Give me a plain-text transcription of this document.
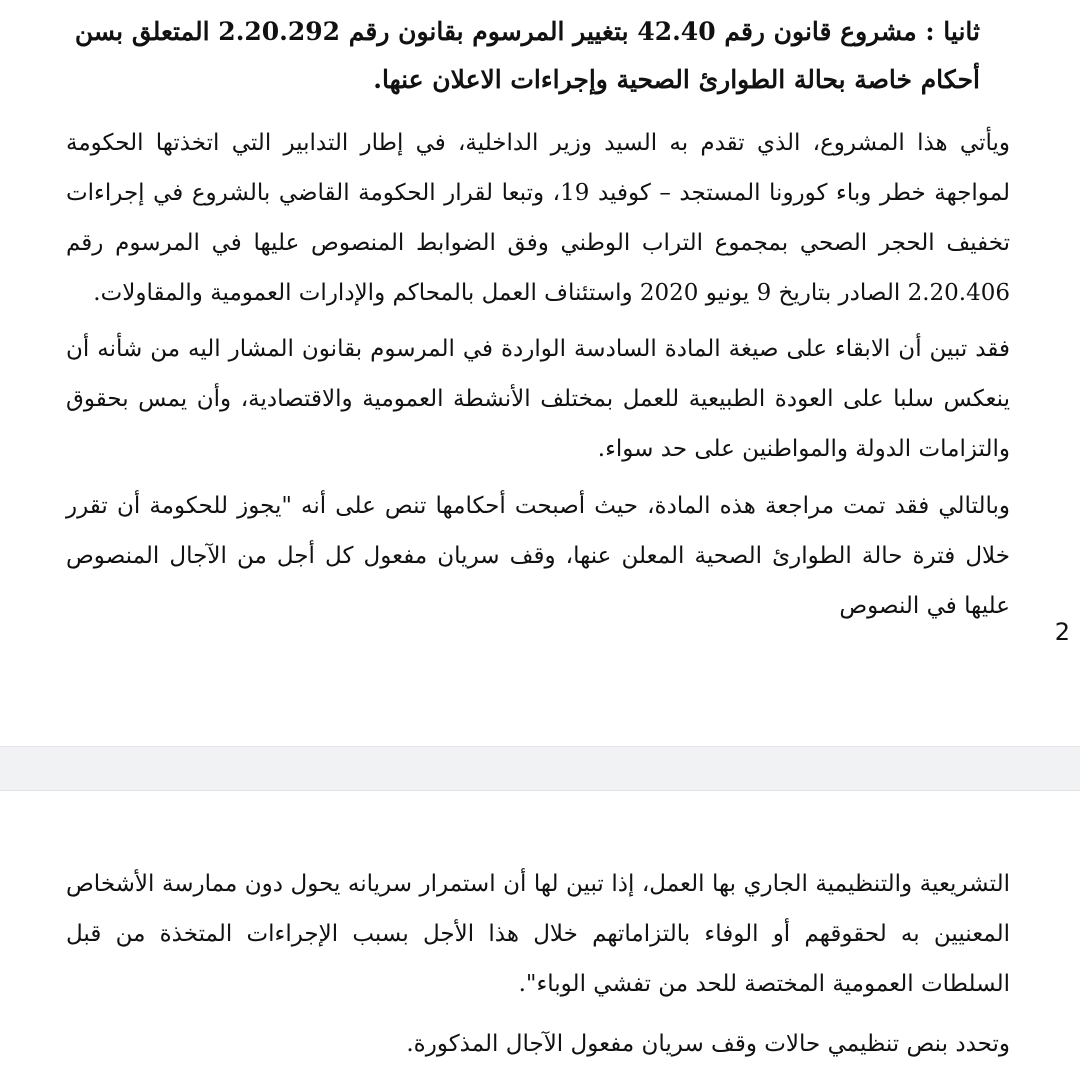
ثانيا : مشروع قانون رقم 42.40 بتغيير المرسوم بقانون رقم 2.20.292 المتعلق بسن أحكام خاصة بحالة الطوارئ الصحية وإجراءات الاعلان عنها.

ويأتي هذا المشروع، الذي تقدم به السيد وزير الداخلية، في إطار التدابير التي اتخذتها الحكومة لمواجهة خطر وباء كورونا المستجد – كوفيد 19، وتبعا لقرار الحكومة القاضي بالشروع في إجراءات تخفيف الحجر الصحي بمجموع التراب الوطني وفق الضوابط المنصوص عليها في المرسوم رقم 2.20.406 الصادر بتاريخ 9 يونيو 2020 واستئناف العمل بالمحاكم والإدارات العمومية والمقاولات.

فقد تبين أن الابقاء على صيغة المادة السادسة الواردة في المرسوم بقانون المشار اليه من شأنه أن ينعكس سلبا على العودة الطبيعية للعمل بمختلف الأنشطة العمومية والاقتصادية، وأن يمس بحقوق والتزامات الدولة والمواطنين على حد سواء.

وبالتالي فقد تمت مراجعة هذه المادة، حيث أصبحت أحكامها تنص على أنه "يجوز للحكومة أن تقرر خلال فترة حالة الطوارئ الصحية المعلن عنها، وقف سريان مفعول كل أجل من الآجال المنصوص عليها في النصوص

2

التشريعية والتنظيمية الجاري بها العمل، إذا تبين لها أن استمرار سريانه يحول دون ممارسة الأشخاص المعنيين به لحقوقهم أو الوفاء بالتزاماتهم خلال هذا الأجل بسبب الإجراءات المتخذة من قبل السلطات العمومية المختصة للحد من تفشي الوباء".

وتحدد بنص تنظيمي حالات وقف سريان مفعول الآجال المذكورة.
